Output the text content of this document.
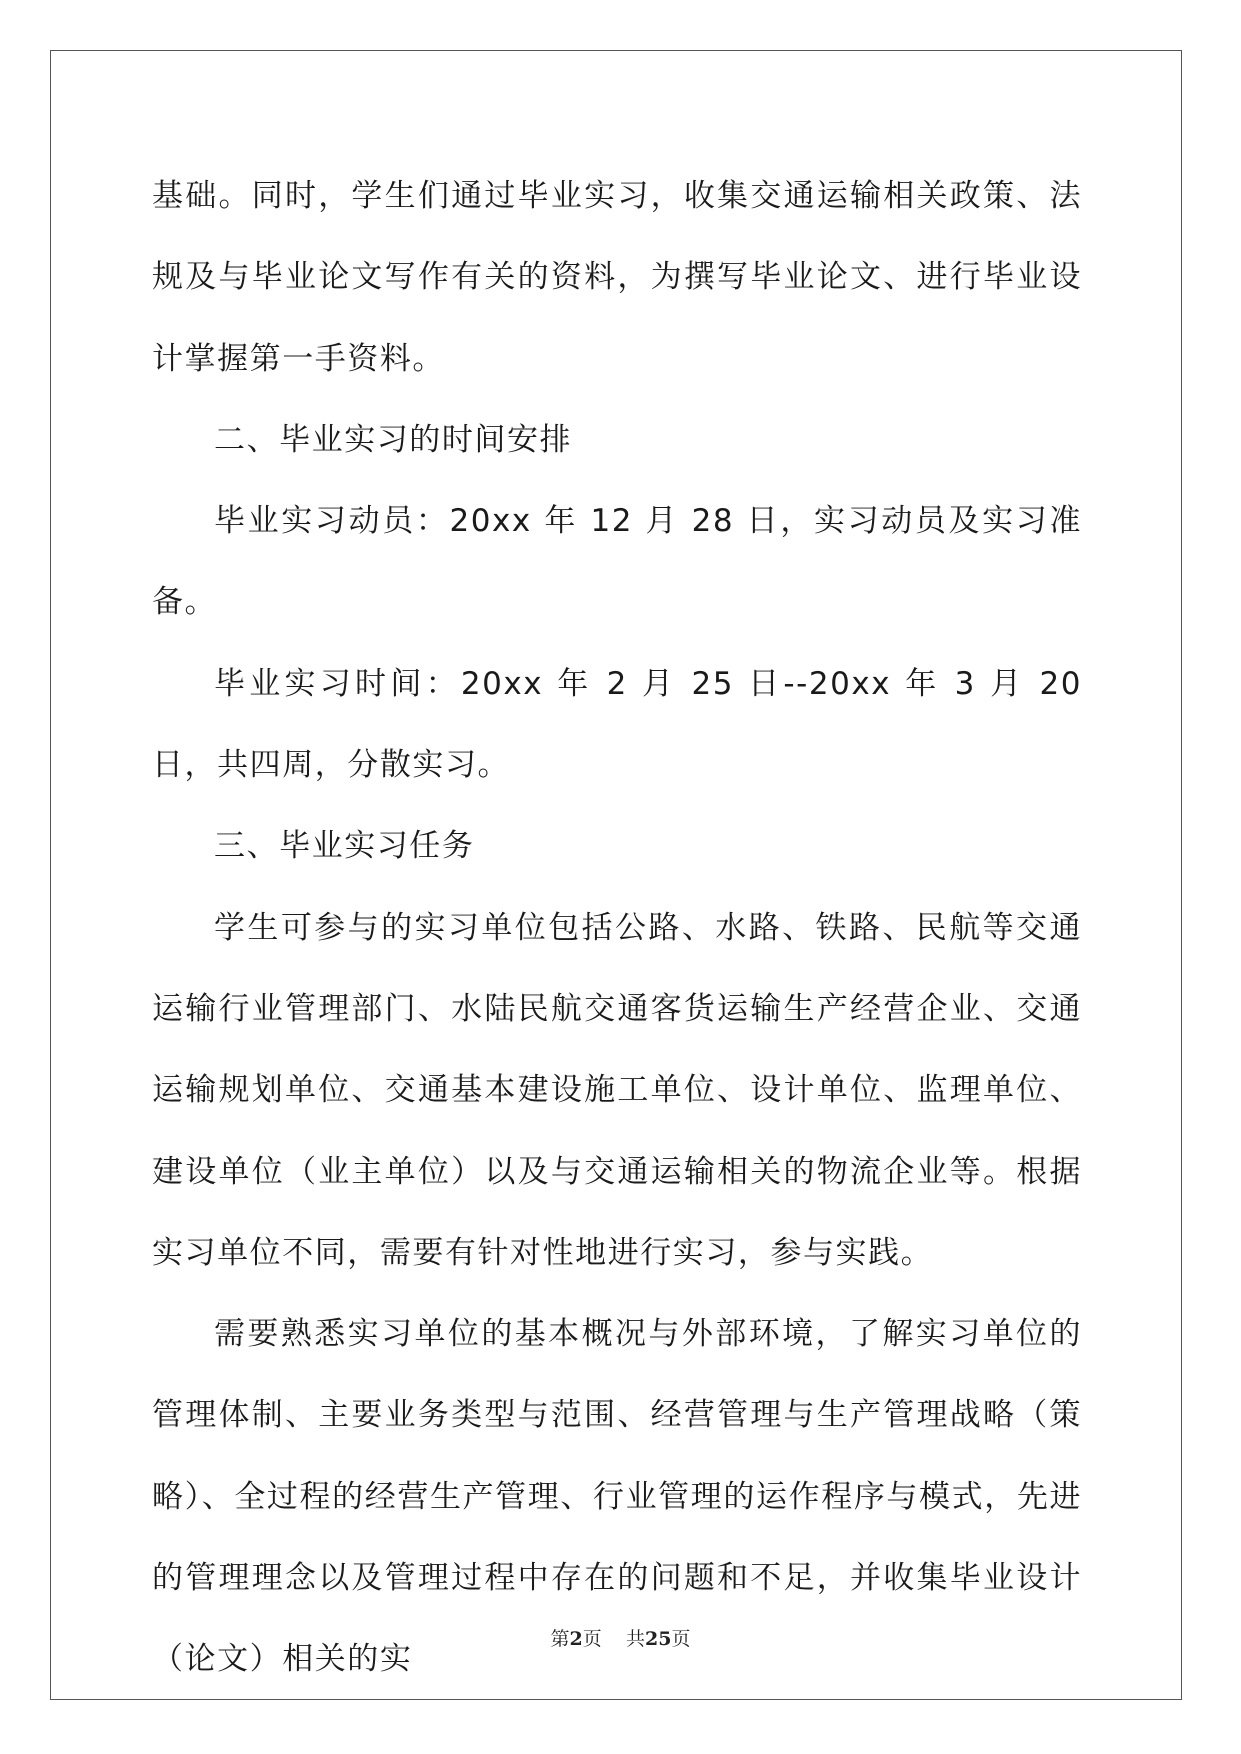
基础。同时，学生们通过毕业实习，收集交通运输相关政策、法规及与毕业论文写作有关的资料，为撰写毕业论文、进行毕业设计掌握第一手资料。

二、毕业实习的时间安排

毕业实习动员：20xx 年 12 月 28 日，实习动员及实习准备。

毕业实习时间：20xx 年 2 月 25 日--20xx 年 3 月 20 日，共四周，分散实习。

三、毕业实习任务

学生可参与的实习单位包括公路、水路、铁路、民航等交通运输行业管理部门、水陆民航交通客货运输生产经营企业、交通运输规划单位、交通基本建设施工单位、设计单位、监理单位、建设单位（业主单位）以及与交通运输相关的物流企业等。根据实习单位不同，需要有针对性地进行实习，参与实践。

需要熟悉实习单位的基本概况与外部环境，了解实习单位的管理体制、主要业务类型与范围、经营管理与生产管理战略（策略）、全过程的经营生产管理、行业管理的运作程序与模式，先进的管理理念以及管理过程中存在的问题和不足，并收集毕业设计（论文）相关的实

第2页 共25页
